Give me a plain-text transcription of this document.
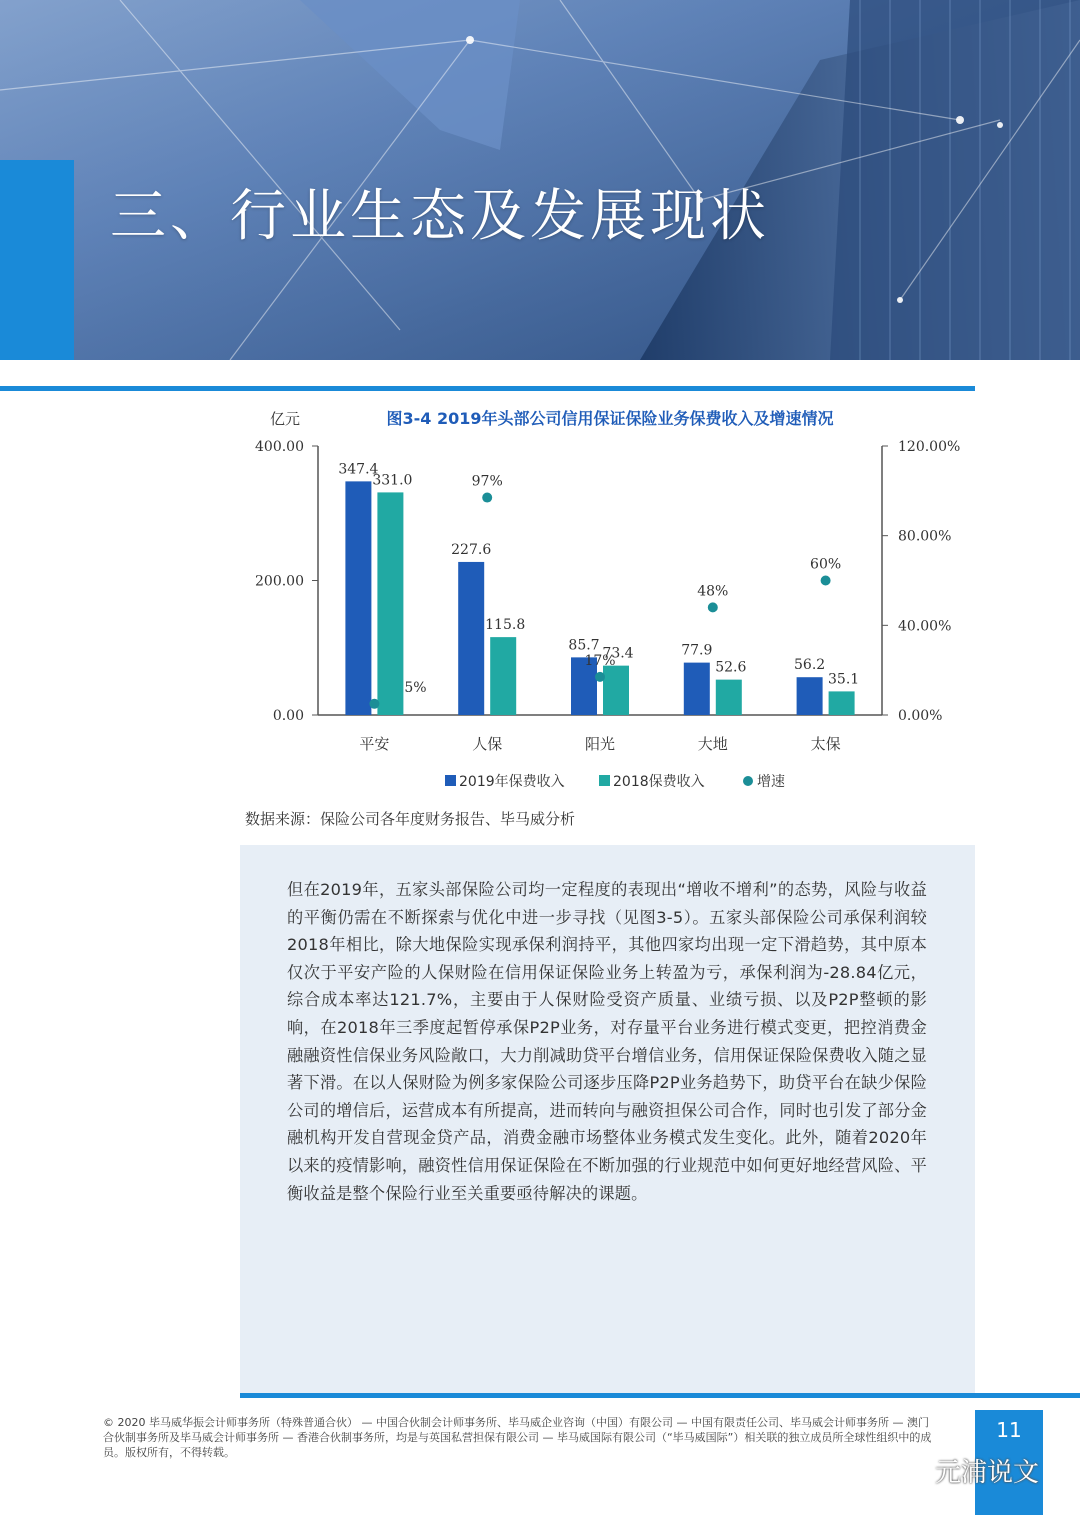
三、行业生态及发展现状
亿元	图3-4 2019年头部公司信用保证保险业务保费收入及增速情况
400.00
200.00
0.00
120.00%
80.00%
40.00%
0.00%
347.4
331.0
5%
平安
227.6
115.8
97%
人保
85.7
73.4
17%
阳光
77.9
52.6
48%
大地
56.2
35.1
60%
太保
2019年保费收入	2018保费收入	增速
数据来源：保险公司各年度财务报告、毕马威分析
但在2019年，五家头部保险公司均一定程度的表现出“增收不增利”的态势，风险与收益的平衡仍需在不断探索与优化中进一步寻找（见图3-5）。五家头部保险公司承保利润较2018年相比，除大地保险实现承保利润持平，其他四家均出现一定下滑趋势，其中原本仅次于平安产险的人保财险在信用保证保险业务上转盈为亏，承保利润为-28.84亿元，综合成本率达121.7%，主要由于人保财险受资产质量、业绩亏损、以及P2P整顿的影响，在2018年三季度起暂停承保P2P业务，对存量平台业务进行模式变更，把控消费金融融资性信保业务风险敞口，大力削减助贷平台增信业务，信用保证保险保费收入随之显著下滑。在以人保财险为例多家保险公司逐步压降P2P业务趋势下，助贷平台在缺少保险公司的增信后，运营成本有所提高，进而转向与融资担保公司合作，同时也引发了部分金融机构开发自营现金贷产品，消费金融市场整体业务模式发生变化。此外，随着2020年以来的疫情影响，融资性信用保证保险在不断加强的行业规范中如何更好地经营风险、平衡收益是整个保险行业至关重要亟待解决的课题。
© 2020 毕马威华振会计师事务所（特殊普通合伙） — 中国合伙制会计师事务所、毕马威企业咨询（中国）有限公司 — 中国有限责任公司、毕马威会计师事务所 — 澳门合伙制事务所及毕马威会计师事务所 — 香港合伙制事务所，均是与英国私营担保有限公司 — 毕马威国际有限公司（“毕马威国际”）相关联的独立成员所全球性组织中的成员。版权所有，不得转载。
11
元浦说文
